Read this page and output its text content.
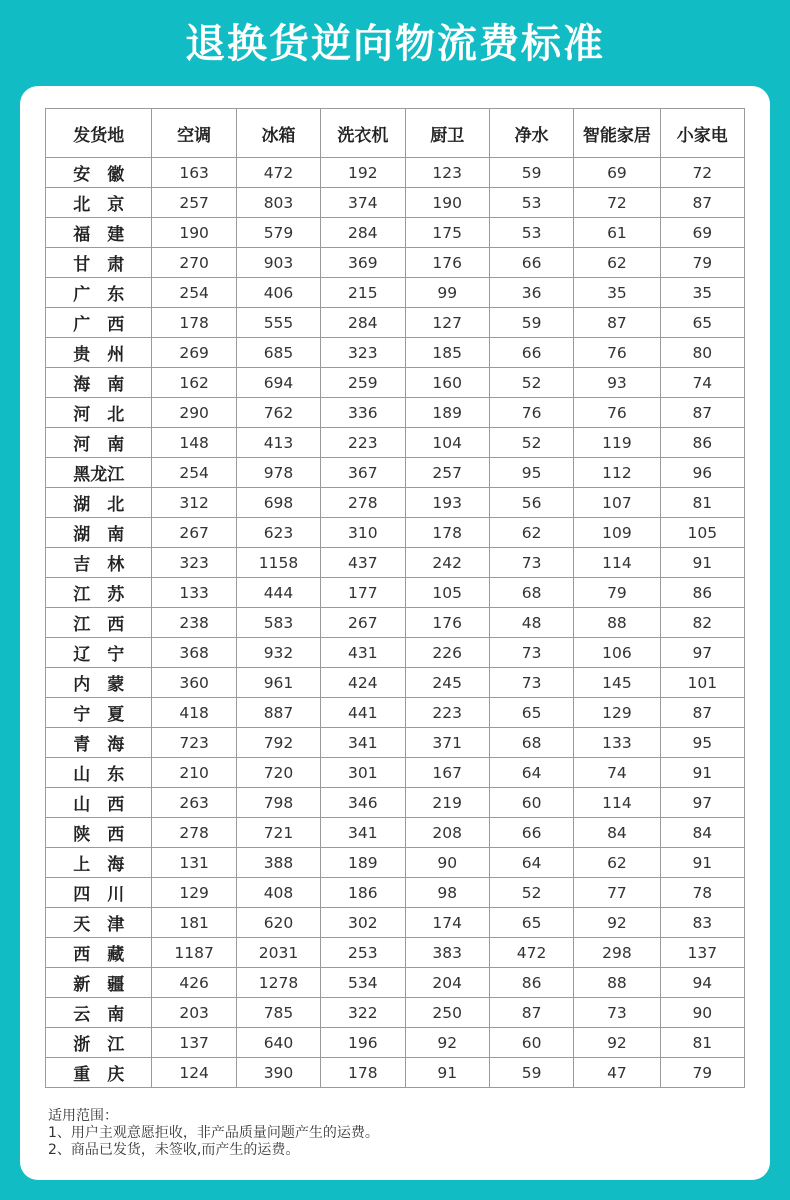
退换货逆向物流费标准
发货地	空调	冰箱	洗衣机	厨卫	净水	智能家居	小家电
安　徽	163	472	192	123	59	69	72
北　京	257	803	374	190	53	72	87
福　建	190	579	284	175	53	61	69
甘　肃	270	903	369	176	66	62	79
广　东	254	406	215	99	36	35	35
广　西	178	555	284	127	59	87	65
贵　州	269	685	323	185	66	76	80
海　南	162	694	259	160	52	93	74
河　北	290	762	336	189	76	76	87
河　南	148	413	223	104	52	119	86
黑龙江	254	978	367	257	95	112	96
湖　北	312	698	278	193	56	107	81
湖　南	267	623	310	178	62	109	105
吉　林	323	1158	437	242	73	114	91
江　苏	133	444	177	105	68	79	86
江　西	238	583	267	176	48	88	82
辽　宁	368	932	431	226	73	106	97
内　蒙	360	961	424	245	73	145	101
宁　夏	418	887	441	223	65	129	87
青　海	723	792	341	371	68	133	95
山　东	210	720	301	167	64	74	91
山　西	263	798	346	219	60	114	97
陕　西	278	721	341	208	66	84	84
上　海	131	388	189	90	64	62	91
四　川	129	408	186	98	52	77	78
天　津	181	620	302	174	65	92	83
西　藏	1187	2031	253	383	472	298	137
新　疆	426	1278	534	204	86	88	94
云　南	203	785	322	250	87	73	90
浙　江	137	640	196	92	60	92	81
重　庆	124	390	178	91	59	47	79
适用范围：
1、用户主观意愿拒收，非产品质量问题产生的运费。
2、商品已发货，未签收,而产生的运费。
